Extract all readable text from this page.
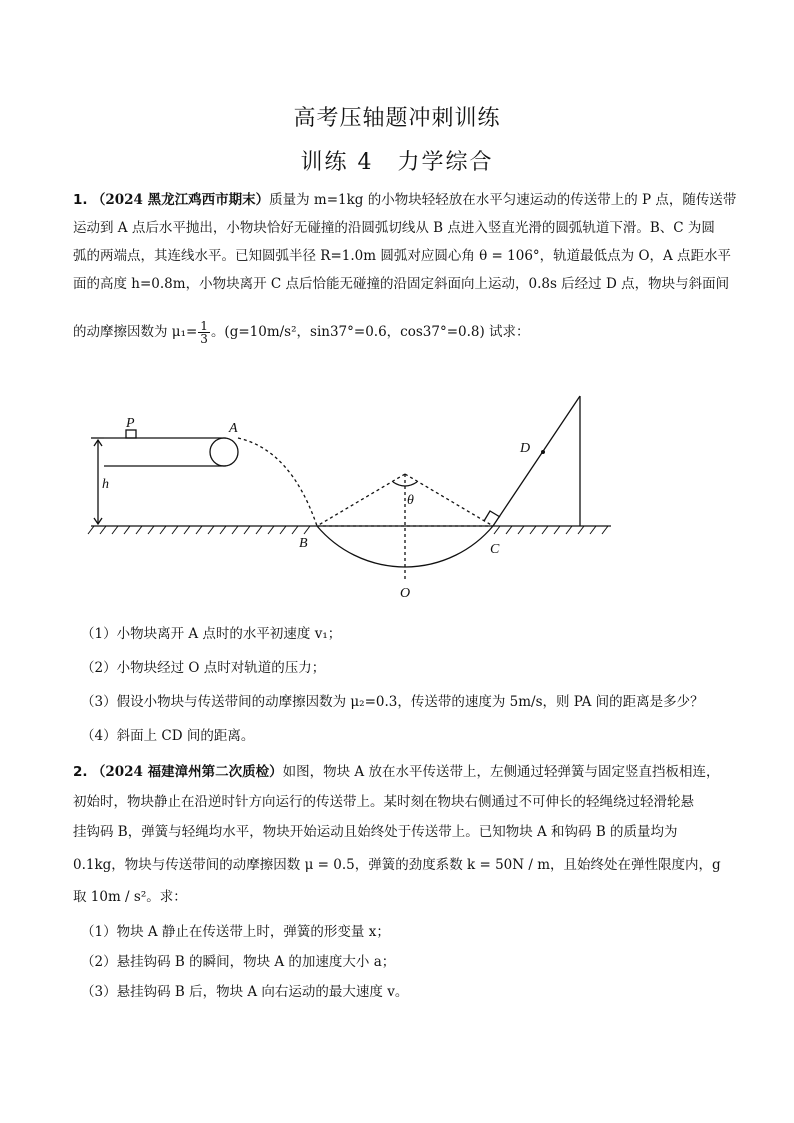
高考压轴题冲刺训练
训练 4　力学综合
1. （2024 黑龙江鸡西市期末）质量为 m=1kg 的小物块轻轻放在水平匀速运动的传送带上的 P 点，随传送带
运动到 A 点后水平抛出，小物块恰好无碰撞的沿圆弧切线从 B 点进入竖直光滑的圆弧轨道下滑。B、C 为圆
弧的两端点，其连线水平。已知圆弧半径 R=1.0m 圆弧对应圆心角 θ = 106°，轨道最低点为 O，A 点距水平
面的高度 h=0.8m，小物块离开 C 点后恰能无碰撞的沿固定斜面向上运动，0.8s 后经过 D 点，物块与斜面间
的动摩擦因数为 $\mu_1= \frac{1}{3}$ 。(g=10m/s²，sin37°=0.6，cos37°=0.8) 试求：
P	A
h
B	C
O
D
θ
（1）小物块离开 A 点时的水平初速度 v₁；
（2）小物块经过 O 点时对轨道的压力；
（3）假设小物块与传送带间的动摩擦因数为 μ₂=0.3，传送带的速度为 5m/s，则 PA 间的距离是多少？
（4）斜面上 CD 间的距离。
2. （2024 福建漳州第二次质检）如图，物块 A 放在水平传送带上，左侧通过轻弹簧与固定竖直挡板相连，
初始时，物块静止在沿逆时针方向运行的传送带上。某时刻在物块右侧通过不可伸长的轻绳绕过轻滑轮悬
挂钩码 B，弹簧与轻绳均水平，物块开始运动且始终处于传送带上。已知物块 A 和钩码 B 的质量均为
0.1kg，物块与传送带间的动摩擦因数 μ = 0.5，弹簧的劲度系数 k = 50N / m，且始终处在弹性限度内，g
取 10m / s²。求：
（1）物块 A 静止在传送带上时，弹簧的形变量 x；
（2）悬挂钩码 B 的瞬间，物块 A 的加速度大小 a；
（3）悬挂钩码 B 后，物块 A 向右运动的最大速度 v。
